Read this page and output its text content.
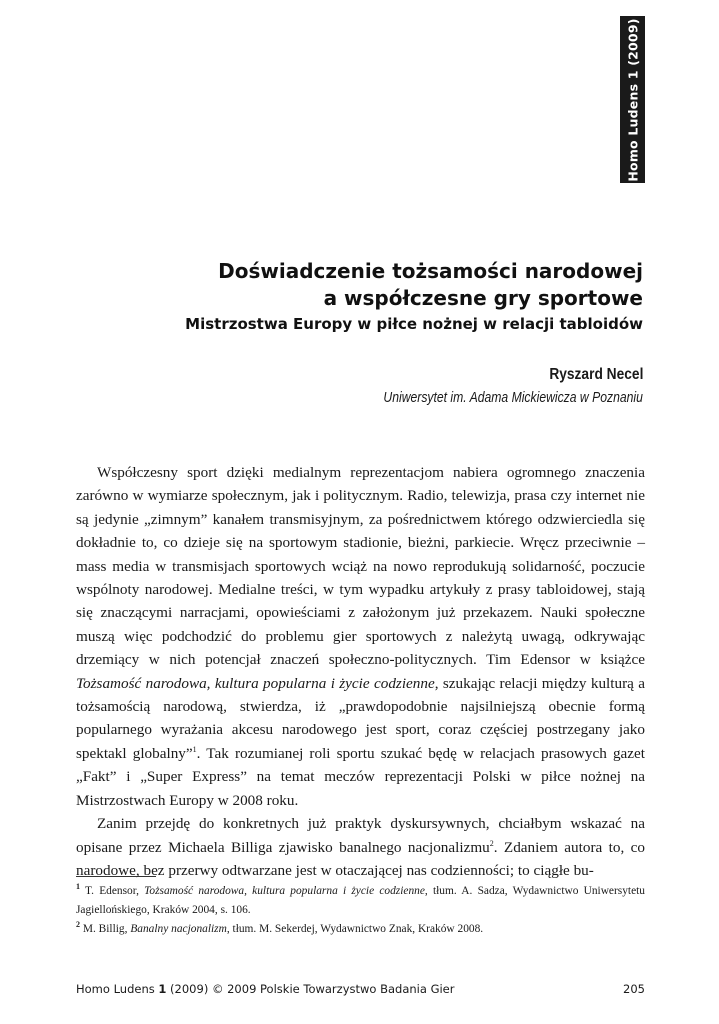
Homo Ludens 1 (2009)
Doświadczenie tożsamości narodowej
a współczesne gry sportowe
Mistrzostwa Europy w piłce nożnej w relacji tabloidów
Ryszard Necel
Uniwersytet im. Adama Mickiewicza w Poznaniu

Współczesny sport dzięki medialnym reprezentacjom nabiera ogromnego znaczenia zarówno w wymiarze społecznym, jak i politycznym. Radio, telewizja, prasa czy internet nie są jedynie „zimnym” kanałem transmisyjnym, za pośrednictwem którego odzwierciedla się dokładnie to, co dzieje się na sportowym stadionie, bieżni, parkiecie. Wręcz przeciwnie – mass media w transmisjach sportowych wciąż na nowo reprodukują solidarność, poczucie wspólnoty narodowej. Medialne treści, w tym wypadku artykuły z prasy tabloidowej, stają się znaczącymi narracjami, opowieściami z założonym już przekazem. Nauki społeczne muszą więc podchodzić do problemu gier sportowych z należytą uwagą, odkrywając drzemiący w nich potencjał znaczeń społeczno-politycznych. Tim Edensor w książce Tożsamość narodowa, kultura popularna i życie codzienne, szukając relacji między kulturą a tożsamością narodową, stwierdza, iż „prawdopodobnie najsilniejszą obecnie formą popularnego wyrażania akcesu narodowego jest sport, coraz częściej postrzegany jako spektakl globalny”$^1$. Tak rozumianej roli sportu szukać będę w relacjach prasowych gazet „Fakt” i „Super Express” na temat meczów reprezentacji Polski w piłce nożnej na Mistrzostwach Europy w 2008 roku.

Zanim przejdę do konkretnych już praktyk dyskursywnych, chciałbym wskazać na opisane przez Michaela Billiga zjawisko banalnego nacjonalizmu$^2$. Zdaniem autora to, co narodowe, bez przerwy odtwarzane jest w otaczającej nas codzienności; to ciągłe bu-

$^1$ T. Edensor, Tożsamość narodowa, kultura popularna i życie codzienne, tłum. A. Sadza, Wydawnictwo Uniwersytetu Jagiellońskiego, Kraków 2004, s. 106.

$^2$ M. Billig, Banalny nacjonalizm, tłum. M. Sekerdej, Wydawnictwo Znak, Kraków 2008.

Homo Ludens 1 (2009) © 2009 Polskie Towarzystwo Badania Gier	205
